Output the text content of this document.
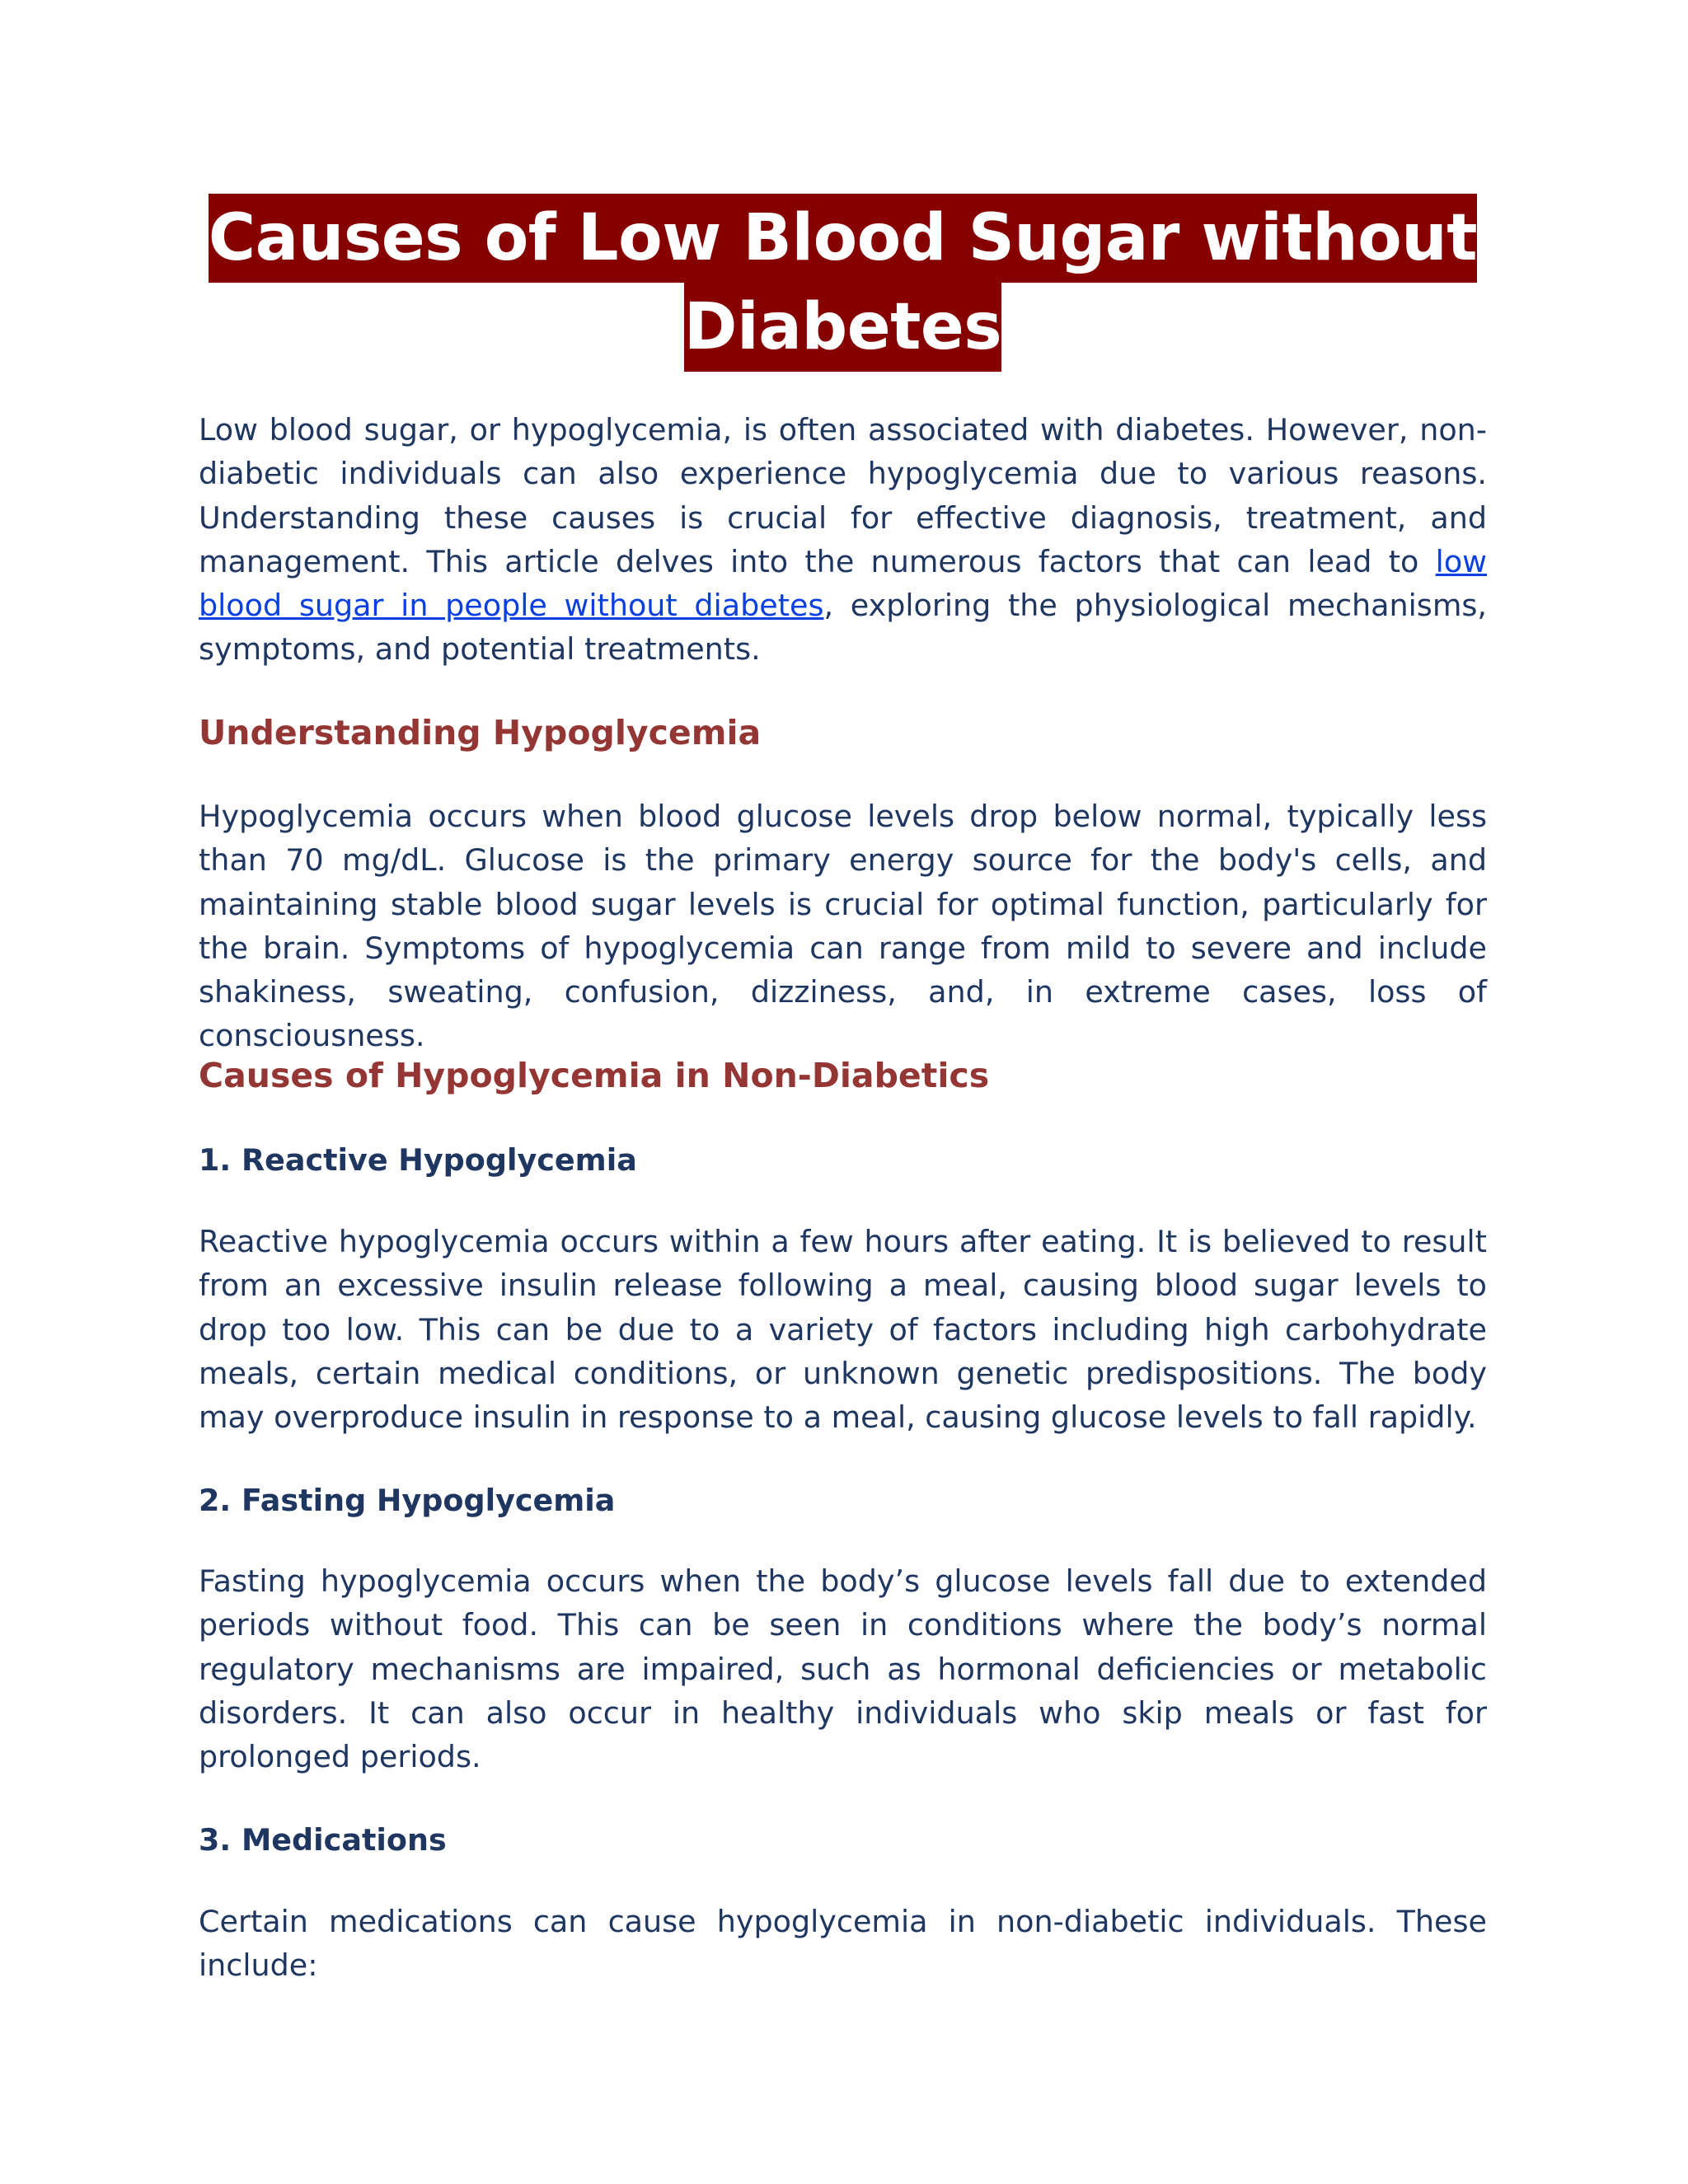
Causes of Low Blood Sugar without
Diabetes

Low blood sugar, or hypoglycemia, is often associated with diabetes. However, non-diabetic individuals can also experience hypoglycemia due to various reasons. Understanding these causes is crucial for effective diagnosis, treatment, and management. This article delves into the numerous factors that can lead to low blood sugar in people without diabetes, exploring the physiological mechanisms, symptoms, and potential treatments.

Understanding Hypoglycemia

Hypoglycemia occurs when blood glucose levels drop below normal, typically less than 70 mg/dL. Glucose is the primary energy source for the body's cells, and maintaining stable blood sugar levels is crucial for optimal function, particularly for the brain. Symptoms of hypoglycemia can range from mild to severe and include shakiness, sweating, confusion, dizziness, and, in extreme cases, loss of consciousness.

Causes of Hypoglycemia in Non-Diabetics
1. Reactive Hypoglycemia

Reactive hypoglycemia occurs within a few hours after eating. It is believed to result from an excessive insulin release following a meal, causing blood sugar levels to drop too low. This can be due to a variety of factors including high carbohydrate meals, certain medical conditions, or unknown genetic predispositions. The body may overproduce insulin in response to a meal, causing glucose levels to fall rapidly.

2. Fasting Hypoglycemia

Fasting hypoglycemia occurs when the body’s glucose levels fall due to extended periods without food. This can be seen in conditions where the body’s normal regulatory mechanisms are impaired, such as hormonal deficiencies or metabolic disorders. It can also occur in healthy individuals who skip meals or fast for prolonged periods.

3. Medications

Certain medications can cause hypoglycemia in non-diabetic individuals. These include:
